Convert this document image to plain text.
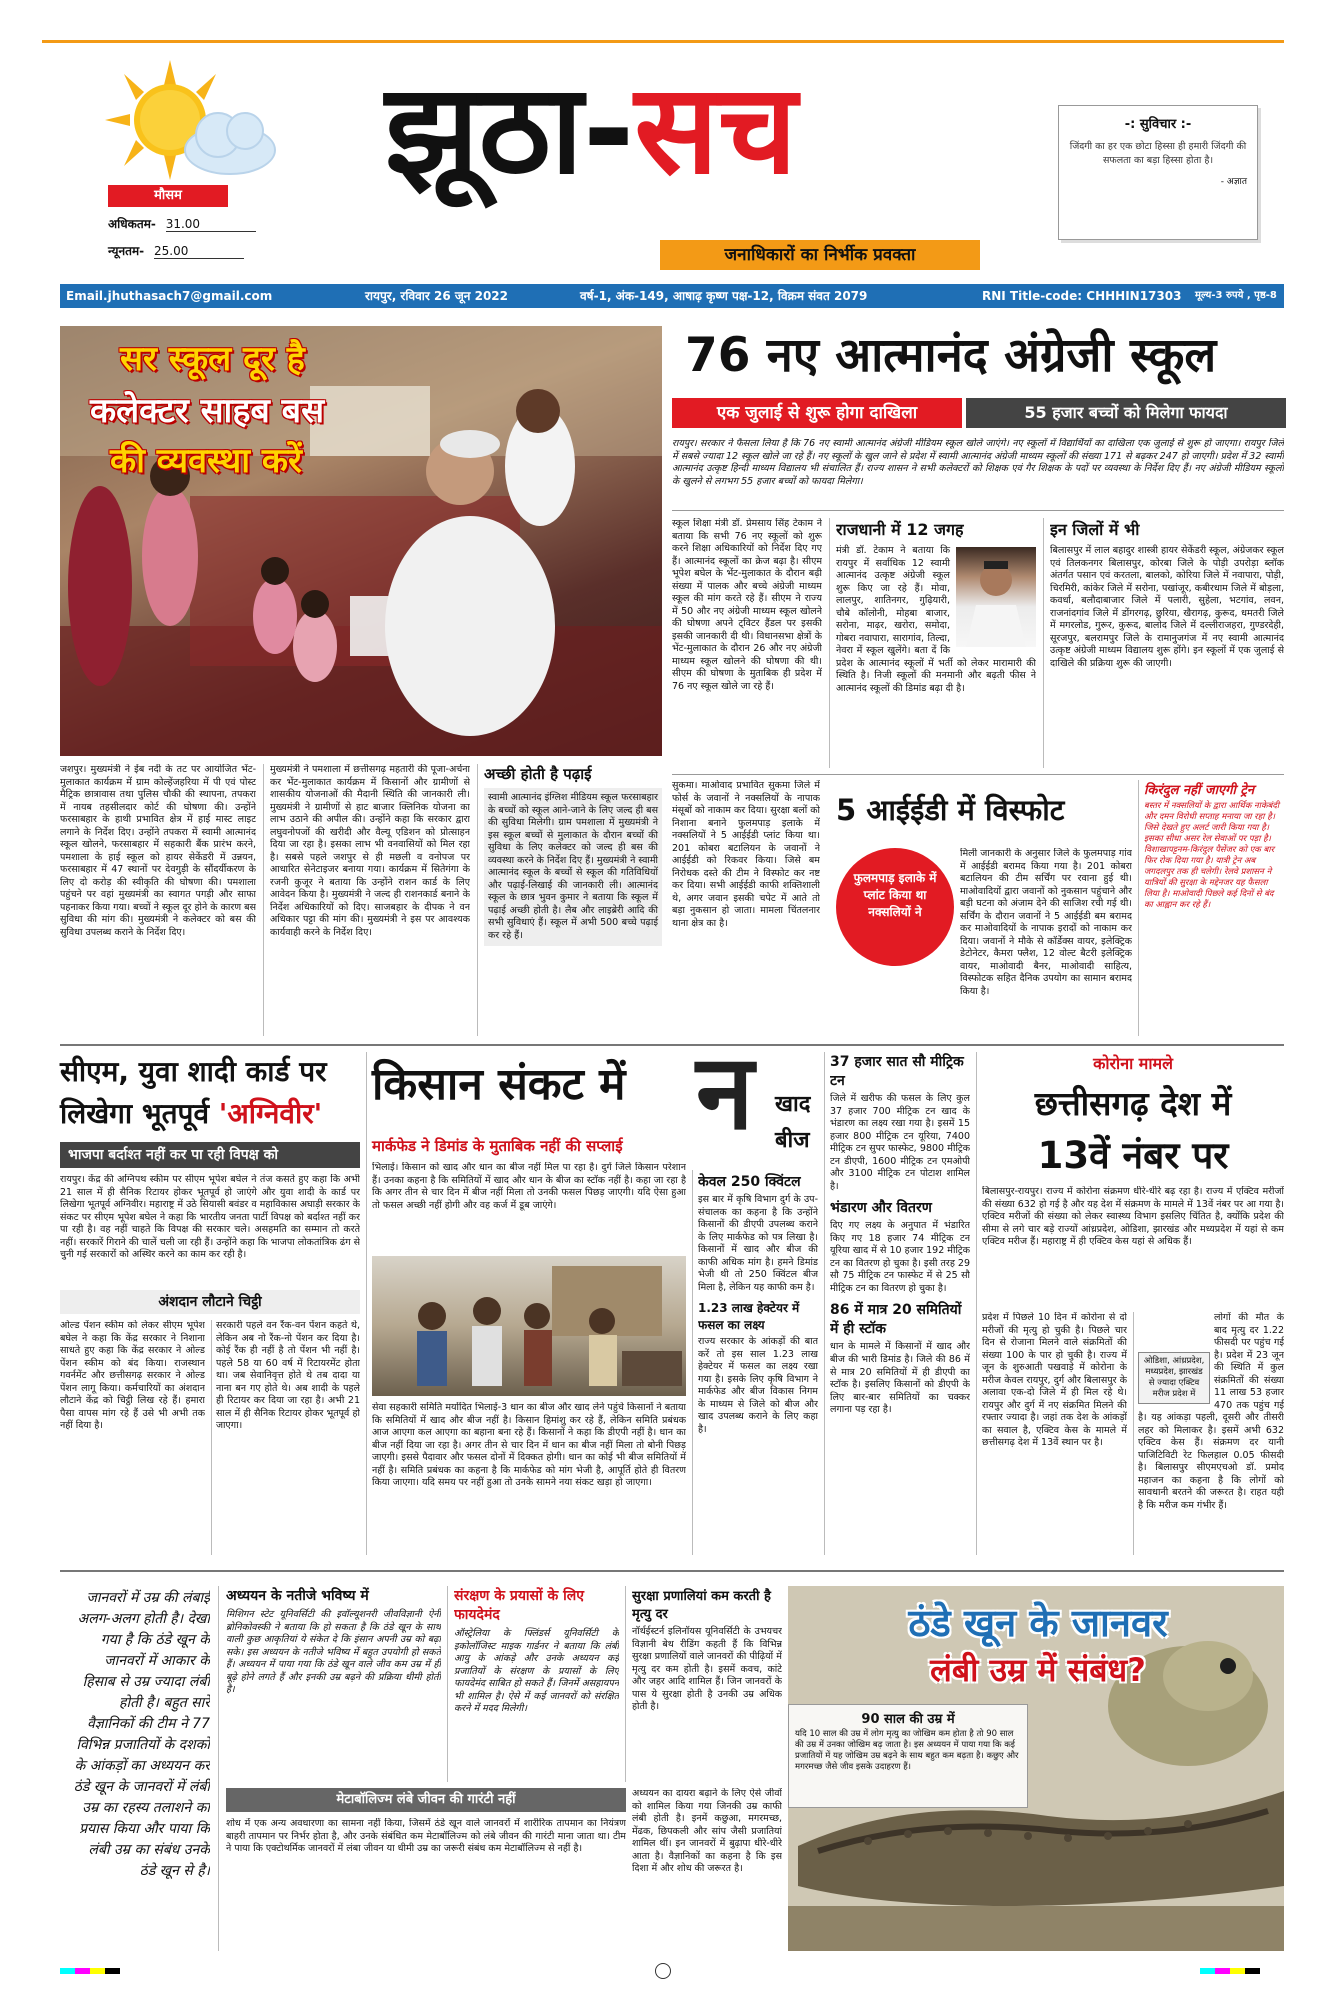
मौसम
अधिकतम- 31.00
न्यूनतम- 25.00
झूठा-सच
जनाधिकारों का निर्भीक प्रवक्ता
-: सुविचार :-
जिंदगी का हर एक छोटा हिस्सा ही हमारी जिंदगी की सफलता का बड़ा हिस्सा होता है।
- अज्ञात
Email.jhuthasach7@gmail.com	रायपुर, रविवार 26 जून 2022	वर्ष-1, अंक-149, आषाढ़ कृष्ण पक्ष-12, विक्रम संवत 2079	RNI Title-code: CHHHIN17303 मूल्य-3 रुपये , पृष्ठ-8
सर स्कूल दूर है
कलेक्टर साहब बस
की व्यवस्था करें
76 नए आत्मानंद अंग्रेजी स्कूल
एक जुलाई से शुरू होगा दाखिला	55 हजार बच्चों को मिलेगा फायदा
रायपुर। सरकार ने फैसला लिया है कि 76 नए स्वामी आत्मानंद अंग्रेजी मीडियम स्कूल खोले जाएंगे। नए स्कूलों में विद्यार्थियों का दाखिला एक जुलाई से शुरू हो जाएगा। रायपुर जिले में सबसे ज्यादा 12 स्कूल खोले जा रहे हैं। नए स्कूलों के खुल जाने से प्रदेश में स्वामी आत्मानंद अंग्रेजी माध्यम स्कूलों की संख्या 171 से बढ़कर 247 हो जाएगी। प्रदेश में 32 स्वामी आत्मानंद उत्कृष्ट हिन्दी माध्यम विद्यालय भी संचालित हैं। राज्य शासन ने सभी कलेक्टरों को शिक्षक एवं गैर शिक्षक के पदों पर व्यवस्था के निर्देश दिए हैं। नए अंग्रेजी मीडियम स्कूलों के खुलने से लगभग 55 हजार बच्चों को फायदा मिलेगा।
स्कूल शिक्षा मंत्री डॉ. प्रेमसाय सिंह टेकाम ने बताया कि सभी 76 नए स्कूलों को शुरू करने शिक्षा अधिकारियों को निर्देश दिए गए हैं। आत्मानंद स्कूलों का क्रेज बढ़ा है। सीएम भूपेश बघेल के भेंट-मुलाकात के दौरान बढ़ी संख्या में पालक और बच्चे अंग्रेजी माध्यम स्कूल की मांग करते रहे हैं। सीएम ने राज्य में 50 और नए अंग्रेजी माध्यम स्कूल खोलने की घोषणा अपने ट्विटर हैंडल पर इसकी इसकी जानकारी दी थी। विधानसभा क्षेत्रों के भेंट-मुलाकात के दौरान 26 और नए अंग्रेजी माध्यम स्कूल खोलने की घोषणा की थी। सीएम की घोषणा के मुताबिक ही प्रदेश में 76 नए स्कूल खोले जा रहे हैं।
राजधानी में 12 जगह
मंत्री डॉ. टेकाम ने बताया कि रायपुर में सर्वाधिक 12 स्वामी आत्मानंद उत्कृष्ट अंग्रेजी स्कूल शुरू किए जा रहे हैं। मोवा, लालपुर, शातिनगर, गुढ़ियारी, चौबे कॉलोनी, मोहबा बाजार, सरोना, माढ़र, खरोरा, समोदा, गोबरा नवापारा, सारागांव, तिल्दा, नेवरा में स्कूल खुलेंगे। बता दें कि प्रदेश के आत्मानंद स्कूलों में भर्ती को लेकर मारामारी की स्थिति है। निजी स्कूलों की मनमानी और बढ़ती फीस ने आत्मानंद स्कूलों की डिमांड बढ़ा दी है।
इन जिलों में भी
बिलासपुर में लाल बहादुर शास्त्री हायर सेकेंडरी स्कूल, अंग्रेजकर स्कूल एवं तिलकनगर बिलासपुर, कोरबा जिले के पोड़ी उपरोड़ा ब्लॉक अंतर्गत पसान एवं करतला, बालको, कोरिया जिले में नवापारा, पोड़ी, चिरमिरी, कांकेर जिले में सरोना, पखांजूर, कबीरधाम जिले में बोड़ला, कवर्धा, बलौदाबाजार जिले में पलारी, सुहेला, भटगांव, लवन, राजनांदगांव जिले में डोंगरगढ़, छुरिया, खैरागढ़, कुरूद, धमतरी जिले में मगरलोड, गुरूर, कुरूद, बालोद जिले में दल्लीराजहरा, गुण्डरदेही, सूरजपुर, बलरामपुर जिले के रामानुजगंज में नए स्वामी आत्मानंद उत्कृष्ट अंग्रेजी माध्यम विद्यालय शुरू होंगे। इन स्कूलों में एक जुलाई से दाखिले की प्रक्रिया शुरू की जाएगी।
जशपुर। मुख्यमंत्री ने ईब नदी के तट पर आयोजित भेंट-मुलाकात कार्यक्रम में ग्राम कोल्हेंजहरिया में पी एवं पोस्ट मैट्रिक छात्रावास तथा पुलिस चौकी की स्थापना, तपकरा में नायब तहसीलदार कोर्ट की घोषणा की। उन्होंने फरसाबहार के हाथी प्रभावित क्षेत्र में हाई मास्ट लाइट लगाने के निर्देश दिए। उन्होंने तपकरा में स्वामी आत्मानंद स्कूल खोलने, फरसाबहार में सहकारी बैंक प्रारंभ करने, पमशाला के हाई स्कूल को हायर सेकेंडरी में उन्नयन, फरसाबहार में 47 स्थानों पर देवगुड़ी के सौंदर्यीकरण के लिए दो करोड़ की स्वीकृति की घोषणा की। पमशाला पहुंचने पर वहां मुख्यमंत्री का स्वागत पगड़ी और साफा पहनाकर किया गया। बच्चों ने स्कूल दूर होने के कारण बस सुविधा की मांग की। मुख्यमंत्री ने कलेक्टर को बस की सुविधा उपलब्ध कराने के निर्देश दिए।
मुख्यमंत्री ने पमशाला में छत्तीसगढ़ महतारी की पूजा-अर्चना कर भेंट-मुलाकात कार्यक्रम में किसानों और ग्रामीणों से शासकीय योजनाओं की मैदानी स्थिति की जानकारी ली। मुख्यमंत्री ने ग्रामीणों से हाट बाजार क्लिनिक योजना का लाभ उठाने की अपील की। उन्होंने कहा कि सरकार द्वारा लघुवनोपजों की खरीदी और वैल्यू एडिशन को प्रोत्साहन दिया जा रहा है। इसका लाभ भी वनवासियों को मिल रहा है। सबसे पहले जशपुर से ही मछली व वनोपज पर आधारित सेनेटाइजर बनाया गया। कार्यक्रम में सितेगंगा के रजनी कुजूर ने बताया कि उन्होंने राशन कार्ड के लिए आवेदन किया है। मुख्यमंत्री ने जल्द ही राशनकार्ड बनाने के निर्देश अधिकारियों को दिए। साजबहार के दीपक ने वन अधिकार पट्टा की मांग की। मुख्यमंत्री ने इस पर आवश्यक कार्यवाही करने के निर्देश दिए।
अच्छी होती है पढ़ाई
स्वामी आत्मानंद इंग्लिश मीडियम स्कूल फरसाबहार के बच्चों को स्कूल आने-जाने के लिए जल्द ही बस की सुविधा मिलेगी। ग्राम पमशाला में मुख्यमंत्री ने इस स्कूल बच्चों से मुलाकात के दौरान बच्चों की सुविधा के लिए कलेक्टर को जल्द ही बस की व्यवस्था करने के निर्देश दिए हैं। मुख्यमंत्री ने स्वामी आत्मानंद स्कूल के बच्चों से स्कूल की गतिविधियों और पढ़ाई-लिखाई की जानकारी ली। आत्मानंद स्कूल के छात्र भुवन कुमार ने बताया कि स्कूल में पढ़ाई अच्छी होती है। लैब और लाइब्रेरी आदि की सभी सुविधाएं हैं। स्कूल में अभी 500 बच्चे पढ़ाई कर रहे हैं।
सुकमा। माओवाद प्रभावित सुकमा जिले में फोर्स के जवानों ने नक्सलियों के नापाक मंसूबों को नाकाम कर दिया। सुरक्षा बलों को निशाना बनाने फुलमपाड़ इलाके में नक्सलियों ने 5 आईईडी प्लांट किया था। 201 कोबरा बटालियन के जवानों ने आईईडी को रिकवर किया। जिसे बम निरोधक दस्ते की टीम ने विस्फोट कर नष्ट कर दिया। सभी आईईडी काफी शक्तिशाली थे, अगर जवान इसकी चपेट में आते तो बड़ा नुकसान हो जाता। मामला चिंतलनार थाना क्षेत्र का है।
5 आईईडी में विस्फोट
फुलमपाड़ इलाके में प्लांट किया था नक्सलियों ने
मिली जानकारी के अनुसार जिले के फुलमपाड़ गांव में आईईडी बरामद किया गया है। 201 कोबरा बटालियन की टीम सर्चिंग पर रवाना हुई थी। माओवादियों द्वारा जवानों को नुकसान पहुंचाने और बड़ी घटना को अंजाम देने की साजिश रची गई थी। सर्चिंग के दौरान जवानों ने 5 आईईडी बम बरामद कर माओवादियों के नापाक इरादों को नाकाम कर दिया। जवानों ने मौके से कॉर्डेक्स वायर, इलेक्ट्रिक डेटोनेटर, कैमरा फ्लैश, 12 वोल्ट बैटरी इलेक्ट्रिक वायर, माओवादी बैनर, माओवादी साहित्य, विस्फोटक सहित दैनिक उपयोग का सामान बरामद किया है।
किरंदुल नहीं जाएगी ट्रेन
बस्तर में नक्सलियों के द्वारा आर्थिक नाकेबंदी और दमन विरोधी सप्ताह मनाया जा रहा है। जिसे देखते हुए अलर्ट जारी किया गया है। इसका सीधा असर रेल सेवाओं पर पड़ा है। विशाखापट्टनम-किरंदुल पैसेंजर को एक बार फिर रोक दिया गया है। यात्री ट्रेन अब जगदलपुर तक ही चलेगी। रेलवे प्रशासन ने यात्रियों की सुरक्षा के मद्देनजर यह फैसला लिया है। माओवादी पिछले कई दिनों से बंद का आह्वान कर रहे हैं।
सीएम, युवा शादी कार्ड पर
लिखेगा भूतपूर्व 'अग्निवीर'
भाजपा बर्दाश्त नहीं कर पा रही विपक्ष को
रायपुर। केंद्र की अग्निपथ स्कीम पर सीएम भूपेश बघेल ने तंज कसते हुए कहा कि अभी 21 साल में ही सैनिक रिटायर होकर भूतपूर्व हो जाएंगे और युवा शादी के कार्ड पर लिखेगा भूतपूर्व अग्निवीर। महाराष्ट्र में उठे सियासी बवंडर व महाविकास अघाड़ी सरकार के संकट पर सीएम भूपेश बघेल ने कहा कि भारतीय जनता पार्टी विपक्ष को बर्दाश्त नहीं कर पा रही है। वह नहीं चाहते कि विपक्ष की सरकार चले। असहमति का सम्मान तो करते नहीं। सरकारें गिराने की चालें चली जा रही हैं। उन्होंने कहा कि भाजपा लोकतांत्रिक ढंग से चुनी गई सरकारों को अस्थिर करने का काम कर रही है।
अंशदान लौटाने चिट्ठी
ओल्ड पेंशन स्कीम को लेकर सीएम भूपेश बघेल ने कहा कि केंद्र सरकार ने निशाना साधते हुए कहा कि केंद्र सरकार ने ओल्ड पेंशन स्कीम को बंद किया। राजस्थान गवर्नमेंट और छत्तीसगढ़ सरकार ने ओल्ड पेंशन लागू किया। कर्मचारियों का अंशदान लौटाने केंद्र को चिट्ठी लिख रहे हैं। हमारा पैसा वापस मांग रहे हैं उसे भी अभी तक नहीं दिया है।
सरकारी पहले वन रैंक-वन पेंशन कहते थे, लेकिन अब नो रैंक-नो पेंशन कर दिया है। कोई रैंक ही नहीं है तो पेंशन भी नहीं है। पहले 58 या 60 वर्ष में रिटायरमेंट होता था। जब सेवानिवृत्त होते थे तब दादा या नाना बन गए होते थे। अब शादी के पहले ही रिटायर कर दिया जा रहा है। अभी 21 साल में ही सैनिक रिटायर होकर भूतपूर्व हो जाएगा।
किसान संकट में न खाद
बीज
मार्कफेड ने डिमांड के मुताबिक नहीं की सप्लाई
भिलाई। किसान को खाद और धान का बीज नहीं मिल पा रहा है। दुर्ग जिले किसान परेशान हैं। उनका कहना है कि समितियों में खाद और धान के बीज का स्टॉक नहीं है। कहा जा रहा है कि अगर तीन से चार दिन में बीज नहीं मिला तो उनकी फसल पिछड़ जाएगी। यदि ऐसा हुआ तो फसल अच्छी नहीं होगी और वह कर्ज में डूब जाएंगे।
सेवा सहकारी समिति मर्यादित भिलाई-3 धान का बीज और खाद लेने पहुंचे किसानों ने बताया कि समितियों में खाद और बीज नहीं है। किसान हिमांशु कर रहे हैं, लेकिन समिति प्रबंधक आज आएगा कल आएगा का बहाना बना रहे हैं। किसानों ने कहा कि डीएपी नहीं है। धान का बीज नहीं दिया जा रहा है। अगर तीन से चार दिन में धान का बीज नहीं मिला तो बोनी पिछड़ जाएगी। इससे पैदावार और फसल दोनों में दिक्कत होगी। धान का कोई भी बीज समितियों में नहीं है। समिति प्रबंधक का कहना है कि मार्कफेड को मांग भेजी है, आपूर्ति होते ही वितरण किया जाएगा। यदि समय पर नहीं हुआ तो उनके सामने नया संकट खड़ा हो जाएगा।
केवल 250 क्विंटल
इस बार में कृषि विभाग दुर्ग के उप-संचालक का कहना है कि उन्होंने किसानों की डीएपी उपलब्ध कराने के लिए मार्कफेड को पत्र लिखा है। किसानों में खाद और बीज की काफी अधिक मांग है। हमने डिमांड भेजी थी तो 250 क्विंटल बीज मिला है, लेकिन यह काफी कम है।
1.23 लाख हेक्टेयर में फसल का लक्ष्य
राज्य सरकार के आंकड़ों की बात करें तो इस साल 1.23 लाख हेक्टेयर में फसल का लक्ष्य रखा गया है। इसके लिए कृषि विभाग ने मार्कफेड और बीज विकास निगम के माध्यम से जिले को बीज और खाद उपलब्ध कराने के लिए कहा है।
37 हजार सात सौ मीट्रिक टन
जिले में खरीफ की फसल के लिए कुल 37 हजार 700 मीट्रिक टन खाद के भंडारण का लक्ष्य रखा गया है। इसमें 15 हजार 800 मीट्रिक टन यूरिया, 7400 मीट्रिक टन सुपर फास्फेट, 9800 मीट्रिक टन डीएपी, 1600 मीट्रिक टन एमओपी और 3100 मीट्रिक टन पोटाश शामिल है।
भंडारण और वितरण
दिए गए लक्ष्य के अनुपात में भंडारित किए गए 18 हजार 74 मीट्रिक टन यूरिया खाद में से 10 हजार 192 मीट्रिक टन का वितरण हो चुका है। इसी तरह 29 सौ 75 मीट्रिक टन फास्फेट में से 25 सौ मीट्रिक टन का वितरण हो चुका है।
86 में मात्र 20 समितियों में ही स्टॉक
धान के मामले में किसानों में खाद और बीज की भारी डिमांड है। जिले की 86 में से मात्र 20 समितियों में ही डीएपी का स्टॉक है। इसलिए किसानों को डीएपी के लिए बार-बार समितियों का चक्कर लगाना पड़ रहा है।
कोरोना मामले
छत्तीसगढ़ देश में
13वें नंबर पर
बिलासपुर-रायपुर। राज्य में कोरोना संक्रमण धीरे-धीरे बढ़ रहा है। राज्य में एक्टिव मरीजों की संख्या 632 हो गई है और यह देश में संक्रमण के मामले में 13वें नंबर पर आ गया है। एक्टिव मरीजों की संख्या को लेकर स्वास्थ्य विभाग इसलिए चिंतित है, क्योंकि प्रदेश की सीमा से लगे चार बड़े राज्यों आंध्रप्रदेश, ओडिशा, झारखंड और मध्यप्रदेश में यहां से कम एक्टिव मरीज हैं। महाराष्ट्र में ही एक्टिव केस यहां से अधिक हैं।
प्रदेश में पिछले 10 दिन में कोरोना से दो मरीजों की मृत्यु हो चुकी है। पिछले चार दिन से रोजाना मिलने वाले संक्रमितों की संख्या 100 के पार हो चुकी है। राज्य में जून के शुरुआती पखवाड़े में कोरोना के मरीज केवल रायपुर, दुर्ग और बिलासपुर के अलावा एक-दो जिले में ही मिल रहे थे। रायपुर और दुर्ग में नए संक्रमित मिलने की रफ्तार ज्यादा है। जहां तक देश के आंकड़ों का सवाल है, एक्टिव केस के मामले में छत्तीसगढ़ देश में 13वें स्थान पर है।
ओडिशा, आंध्रप्रदेश, मध्यप्रदेश, झारखंड से ज्यादा एक्टिव मरीज प्रदेश में
लोगों की मौत के बाद मृत्यु दर 1.22 फीसदी पर पहुंच गई है। प्रदेश में 23 जून की स्थिति में कुल संक्रमितों की संख्या 11 लाख 53 हजार 470 तक पहुंच गई है। यह आंकड़ा पहली, दूसरी और तीसरी लहर को मिलाकर है। इसमें अभी 632 एक्टिव केस हैं। संक्रमण दर यानी पाजिटिविटी रेट फिलहाल 0.05 फीसदी है। बिलासपुर सीएमएचओ डॉ. प्रमोद महाजन का कहना है कि लोगों को सावधानी बरतने की जरूरत है। राहत यही है कि मरीज कम गंभीर हैं।
जानवरों में उम्र की लंबाई अलग-अलग होती है। देखा गया है कि ठंडे खून के जानवरों में आकार के हिसाब से उम्र ज्यादा लंबी होती है। बहुत सारे वैज्ञानिकों की टीम ने 77 विभिन्न प्रजातियों के दशकों के आंकड़ों का अध्ययन कर ठंडे खून के जानवरों में लंबी उम्र का रहस्य तलाशने का प्रयास किया और पाया कि लंबी उम्र का संबंध उनके ठंडे खून से है।
अध्ययन के नतीजे भविष्य में
मिशिगन स्टेट यूनिवर्सिटी की इवॉल्यूशनरी जीवविज्ञानी ऐनी ब्रोनिकोवस्की ने बताया कि हो सकता है कि ठंडे खून के साथ वाली कुछ आकृतियां ये संकेत दे कि इंसान अपनी उम्र को बढ़ा सके। इस अध्ययन के नतीजे भविष्य में बहुत उपयोगी हो सकते हैं। अध्ययन में पाया गया कि ठंडे खून वाले जीव कम उम्र में ही बूढ़े होने लगते हैं और इनकी उम्र बढ़ने की प्रक्रिया धीमी होती है।
संरक्षण के प्रयासों के लिए फायदेमंद
ऑस्ट्रेलिया के फ्लिंडर्स यूनिवर्सिटी के इकोलॉजिस्ट माइक गार्डनर ने बताया कि लंबी आयु के आंकड़े और उनके अध्ययन कई प्रजातियों के संरक्षण के प्रयासों के लिए फायदेमंद साबित हो सकते हैं। जिनमें असहायपन भी शामिल है। ऐसे में कई जानवरों को संरक्षित करने में मदद मिलेगी।
सुरक्षा प्रणालियां कम करती है मृत्यु दर
नॉर्थईस्टर्न इलिनॉयस यूनिवर्सिटी के उभयचर विज्ञानी बेथ रीडिंग कहती हैं कि विभिन्न सुरक्षा प्रणालियों वाले जानवरों की पीढ़ियों में मृत्यु दर कम होती है। इसमें कवच, कांटे और जहर आदि शामिल हैं। जिन जानवरों के पास ये सुरक्षा होती है उनकी उम्र अधिक होती है।
मेटाबॉलिज्म लंबे जीवन की गारंटी नहीं
शोध में एक अन्य अवधारणा का सामना नहीं किया, जिसमें ठंडे खून वाले जानवरों में शारीरिक तापमान का नियंत्रण बाहरी तापमान पर निर्भर होता है, और उनके संबंधित कम मेटाबॉलिज्म को लंबे जीवन की गारंटी माना जाता था। टीम ने पाया कि एक्टोथर्मिक जानवरों में लंबा जीवन या धीमी उम्र का जरूरी संबंध कम मेटाबॉलिज्म से नहीं है।
अध्ययन का दायरा बढ़ाने के लिए ऐसे जीवों को शामिल किया गया जिनकी उम्र काफी लंबी होती है। इनमें कछुआ, मगरमच्छ, मेंढक, छिपकली और सांप जैसी प्रजातियां शामिल थीं। इन जानवरों में बुढ़ापा धीरे-धीरे आता है। वैज्ञानिकों का कहना है कि इस दिशा में और शोध की जरूरत है।
ठंडे खून के जानवर
लंबी उम्र में संबंध?
90 साल की उम्र में
यदि 10 साल की उम्र में लोग मृत्यु का जोखिम कम होता है तो 90 साल की उम्र में उनका जोखिम बढ़ जाता है। इस अध्ययन में पाया गया कि कई प्रजातियों में यह जोखिम उम्र बढ़ने के साथ बहुत कम बढ़ता है। कछुए और मगरमच्छ जैसे जीव इसके उदाहरण हैं।
